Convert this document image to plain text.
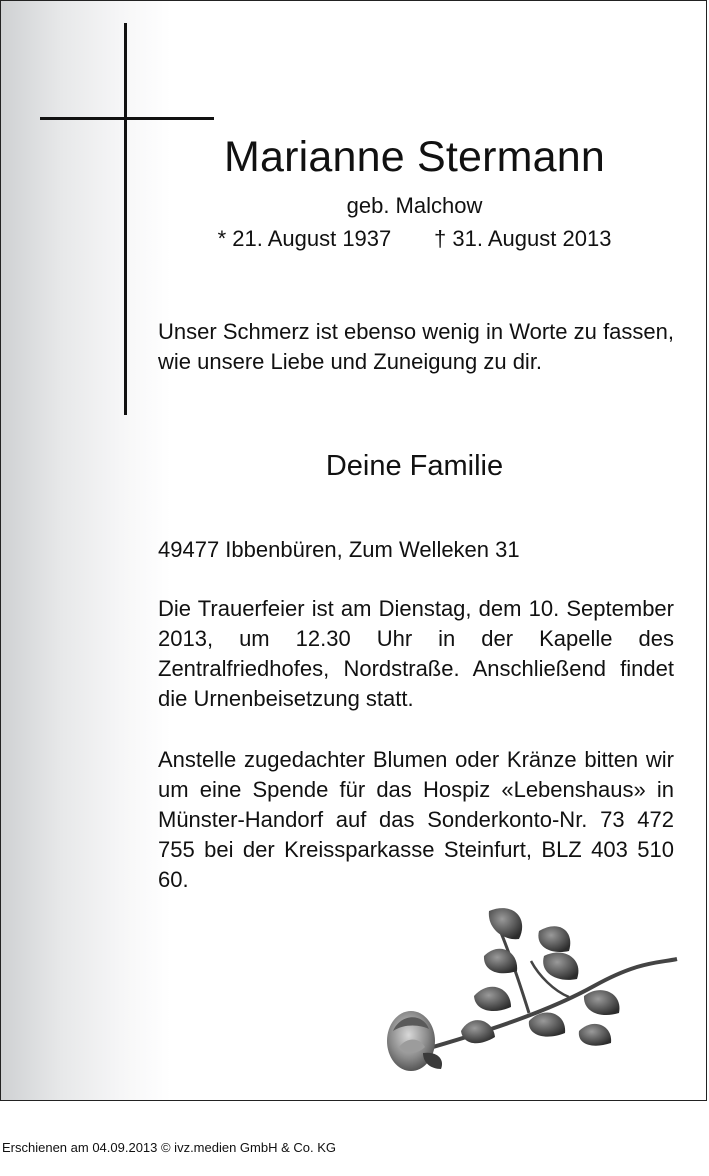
Marianne Stermann
geb. Malchow
* 21. August 1937       † 31. August 2013
Unser Schmerz ist ebenso wenig in Worte zu fassen, wie unsere Liebe und Zuneigung zu dir.
Deine Familie
49477 Ibbenbüren, Zum Welleken 31
Die Trauerfeier ist am Dienstag, dem 10. September 2013, um 12.30 Uhr in der Kapelle des Zentralfriedhofes, Nordstraße. Anschließend findet die Urnenbeisetzung statt.
Anstelle zugedachter Blumen oder Kränze bitten wir um eine Spende für das Hospiz «Lebenshaus» in Münster-Handorf auf das Sonderkonto-Nr. 73 472 755 bei der Kreissparkasse Steinfurt, BLZ 403 510 60.
Erschienen am 04.09.2013 © ivz.medien GmbH & Co. KG
